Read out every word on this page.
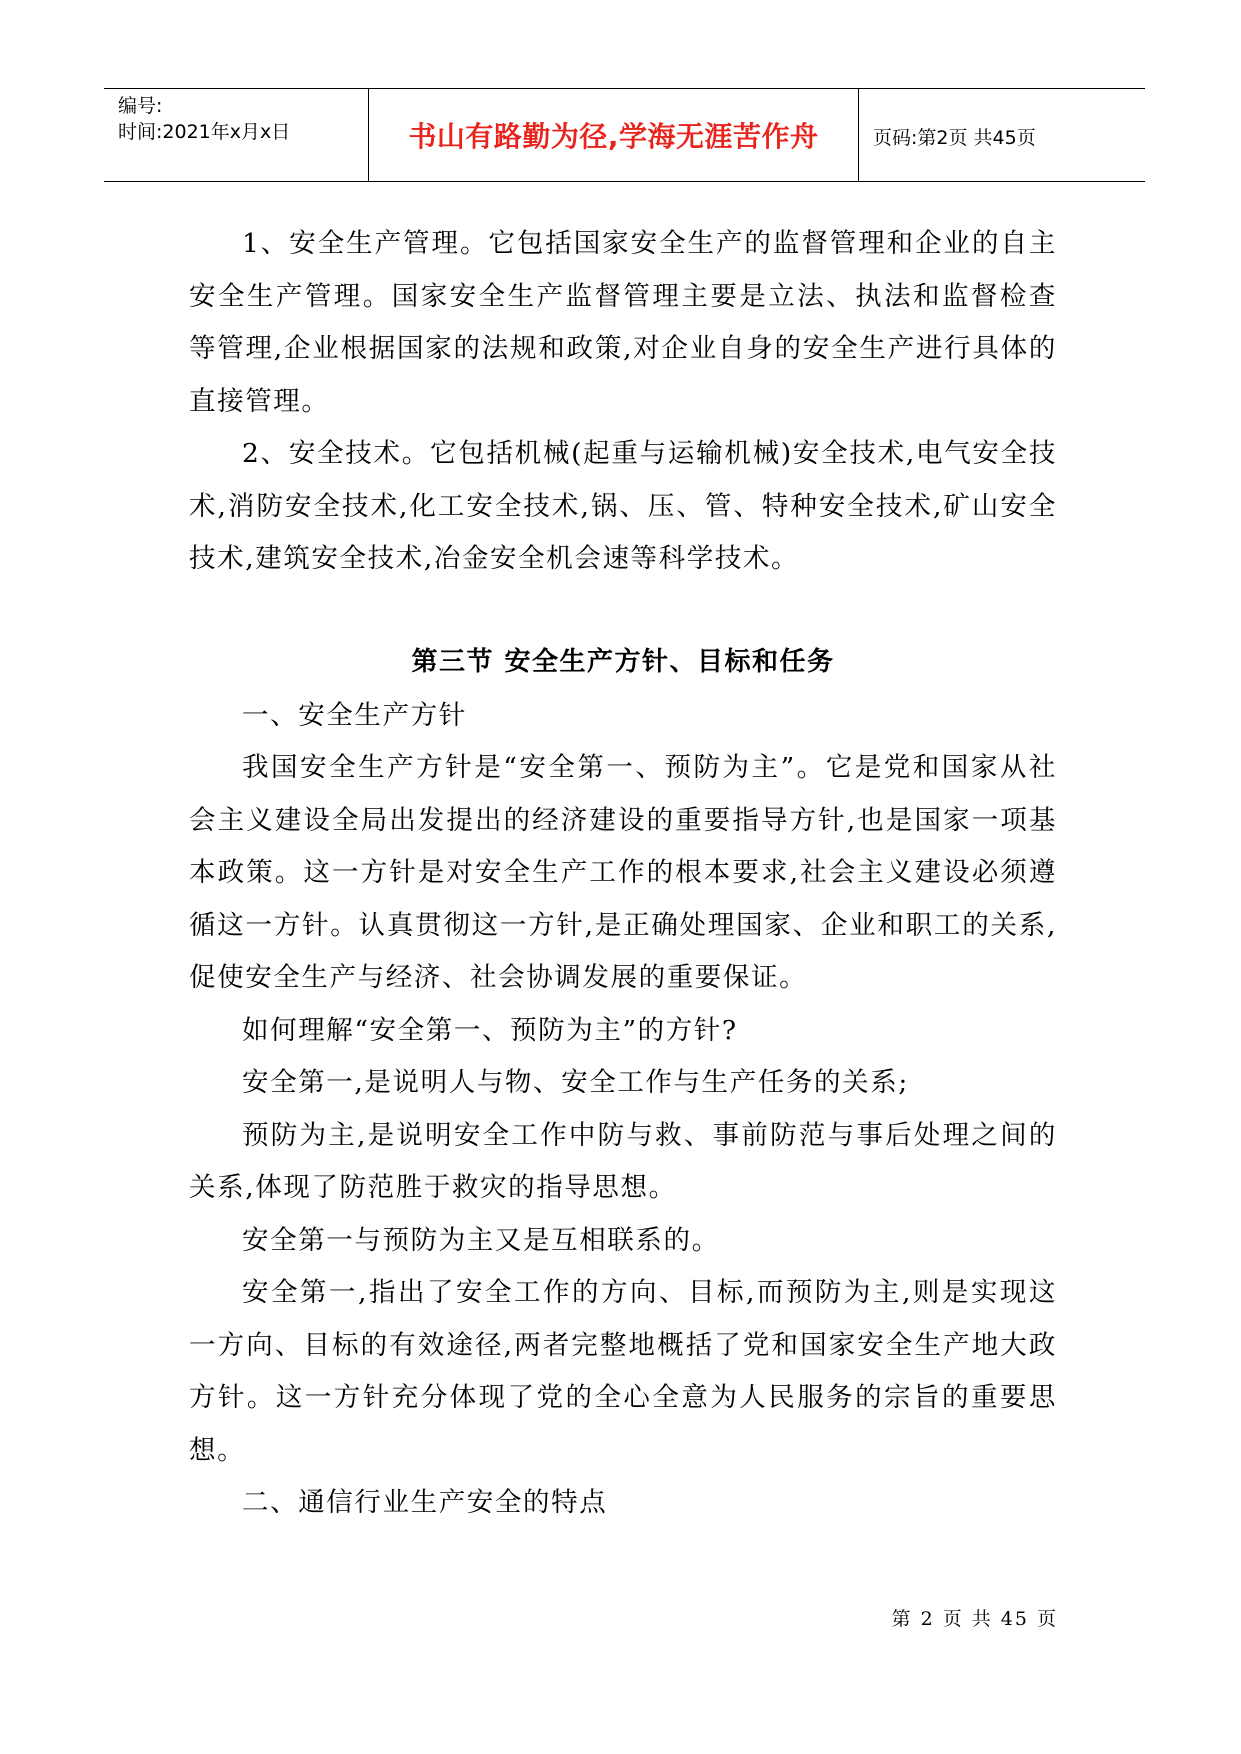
编号:
时间:2021年x月x日	书山有路勤为径,学海无涯苦作舟	页码:第2页 共45页

1、安全生产管理。它包括国家安全生产的监督管理和企业的自主安全生产管理。国家安全生产监督管理主要是立法、执法和监督检查等管理,企业根据国家的法规和政策,对企业自身的安全生产进行具体的直接管理。

2、安全技术。它包括机械(起重与运输机械)安全技术,电气安全技术,消防安全技术,化工安全技术,锅、压、管、特种安全技术,矿山安全技术,建筑安全技术,冶金安全机会速等科学技术。

第三节 安全生产方针、目标和任务

一、安全生产方针

我国安全生产方针是“安全第一、预防为主”。它是党和国家从社会主义建设全局出发提出的经济建设的重要指导方针,也是国家一项基本政策。这一方针是对安全生产工作的根本要求,社会主义建设必须遵循这一方针。认真贯彻这一方针,是正确处理国家、企业和职工的关系,促使安全生产与经济、社会协调发展的重要保证。

如何理解“安全第一、预防为主”的方针?

安全第一,是说明人与物、安全工作与生产任务的关系;

预防为主,是说明安全工作中防与救、事前防范与事后处理之间的关系,体现了防范胜于救灾的指导思想。

安全第一与预防为主又是互相联系的。

安全第一,指出了安全工作的方向、目标,而预防为主,则是实现这一方向、目标的有效途径,两者完整地概括了党和国家安全生产地大政方针。这一方针充分体现了党的全心全意为人民服务的宗旨的重要思想。

二、通信行业生产安全的特点

第 2 页 共 45 页
